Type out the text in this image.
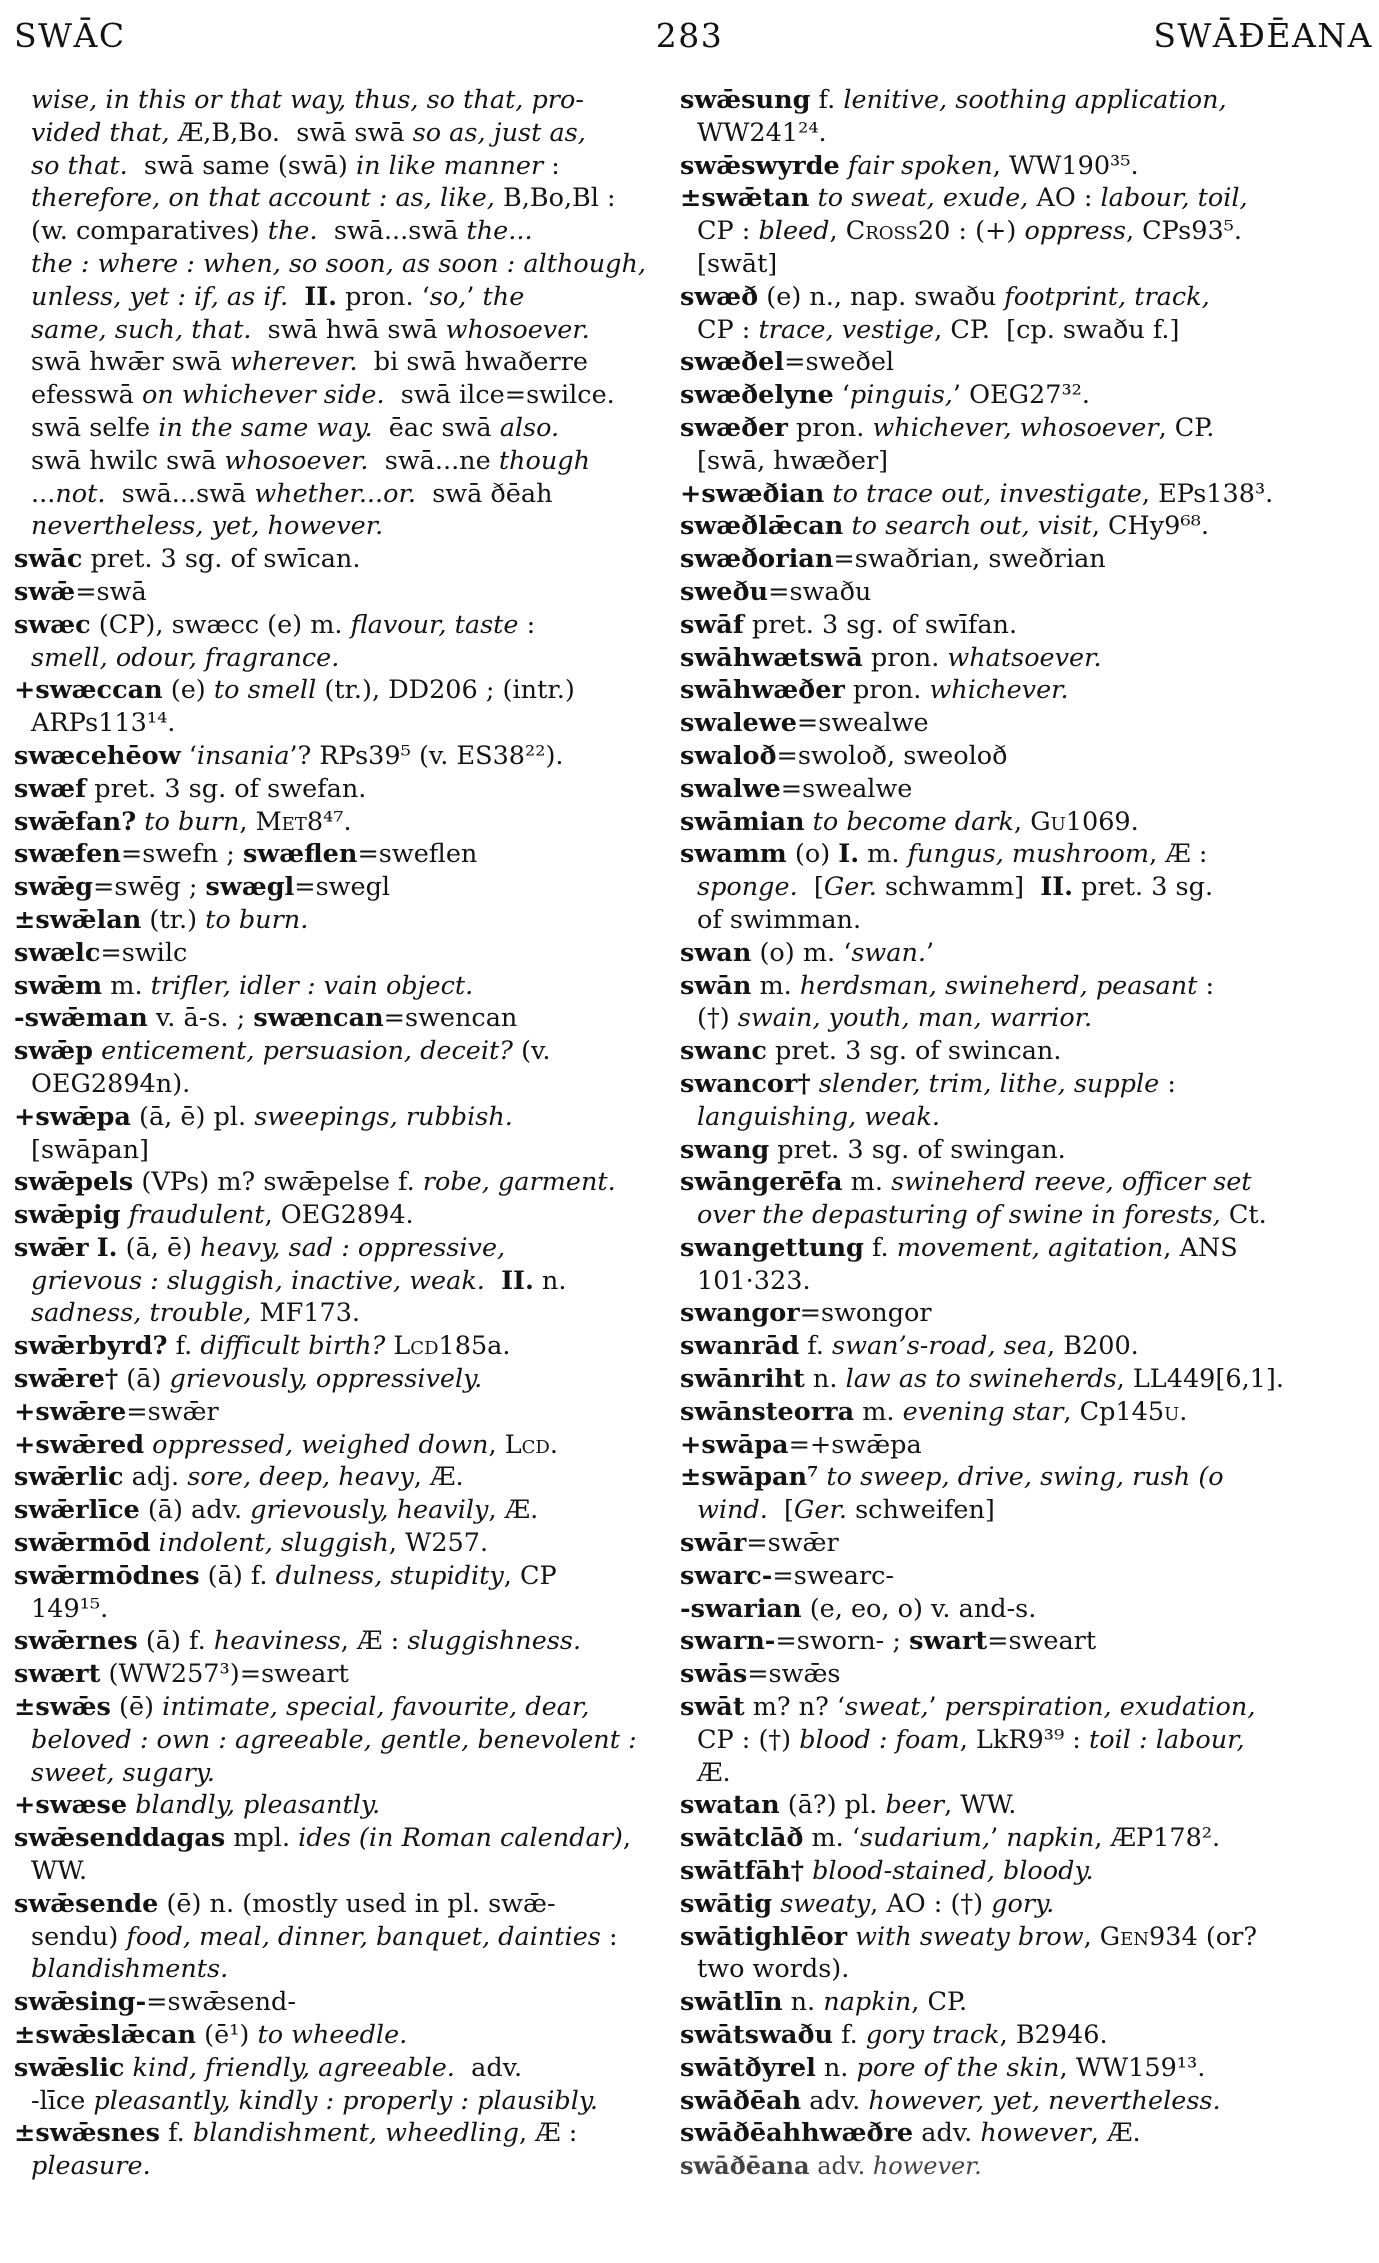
SWĀC	283	SWĀÐĒANA
wise, in this or that way, thus, so that, pro-
vided that, Æ,B,Bo.  swā swā so as, just as,
so that.  swā same (swā) in like manner :
therefore, on that account : as, like, B,Bo,Bl :
(w. comparatives) the.  swā...swā the...
the : where : when, so soon, as soon : although,
unless, yet : if, as if.  II. pron. ‘so,’ the
same, such, that.  swā hwā swā whosoever.
swā hwǣr swā wherever.  bi swā hwaðerre
efesswā on whichever side.  swā ilce=swilce.
swā selfe in the same way.  ēac swā also.
swā hwilc swā whosoever.  swā...ne though
...not.  swā...swā whether...or.  swā ðēah
nevertheless, yet, however.
swāc pret. 3 sg. of swīcan.
swǣ=swā
swæc (CP), swæcc (e) m. flavour, taste :
smell, odour, fragrance.
+swæccan (e) to smell (tr.), DD206 ; (intr.)
ARPs113¹⁴.
swæcehēow ‘insania’? RPs39⁵ (v. ES38²²).
swæf pret. 3 sg. of swefan.
swǣfan? to burn, Met8⁴⁷.
swæfen=swefn ; swæflen=sweflen
swǣg=swēg ; swægl=swegl
±swǣlan (tr.) to burn.
swælc=swilc
swǣm m. trifler, idler : vain object.
-swǣman v. ā-s. ; swæncan=swencan
swǣp enticement, persuasion, deceit? (v.
OEG2894n).
+swǣpa (ā, ē) pl. sweepings, rubbish.
[swāpan]
swǣpels (VPs) m? swǣpelse f. robe, garment.
swǣpig fraudulent, OEG2894.
swǣr I. (ā, ē) heavy, sad : oppressive,
grievous : sluggish, inactive, weak.  II. n.
sadness, trouble, MF173.
swǣrbyrd? f. difficult birth? Lcd185a.
swǣre† (ā) grievously, oppressively.
+swǣre=swǣr
+swǣred oppressed, weighed down, Lcd.
swǣrlic adj. sore, deep, heavy, Æ.
swǣrlīce (ā) adv. grievously, heavily, Æ.
swǣrmōd indolent, sluggish, W257.
swǣrmōdnes (ā) f. dulness, stupidity, CP
149¹⁵.
swǣrnes (ā) f. heaviness, Æ : sluggishness.
swært (WW257³)=sweart
±swǣs (ē) intimate, special, favourite, dear,
beloved : own : agreeable, gentle, benevolent :
sweet, sugary.
+swæse blandly, pleasantly.
swǣsenddagas mpl. ides (in Roman calendar),
WW.
swǣsende (ē) n. (mostly used in pl. swǣ-
sendu) food, meal, dinner, banquet, dainties :
blandishments.
swǣsing-=swǣsend-
±swǣslǣcan (ē¹) to wheedle.
swǣslic kind, friendly, agreeable.  adv.
-līce pleasantly, kindly : properly : plausibly.
±swǣsnes f. blandishment, wheedling, Æ :
pleasure.
swǣsung f. lenitive, soothing application,
WW241²⁴.
swǣswyrde fair spoken, WW190³⁵.
±swǣtan to sweat, exude, AO : labour, toil,
CP : bleed, Cross20 : (+) oppress, CPs93⁵.
[swāt]
swæð (e) n., nap. swaðu footprint, track,
CP : trace, vestige, CP.  [cp. swaðu f.]
swæðel=sweðel
swæðelyne ‘pinguis,’ OEG27³².
swæðer pron. whichever, whosoever, CP.
[swā, hwæðer]
+swæðian to trace out, investigate, EPs138³.
swæðlǣcan to search out, visit, CHy9⁶⁸.
swæðorian=swaðrian, sweðrian
sweðu=swaðu
swāf pret. 3 sg. of swīfan.
swāhwætswā pron. whatsoever.
swāhwæðer pron. whichever.
swalewe=swealwe
swaloð=swoloð, sweoloð
swalwe=swealwe
swāmian to become dark, Gu1069.
swamm (o) I. m. fungus, mushroom, Æ :
sponge.  [Ger. schwamm]  II. pret. 3 sg.
of swimman.
swan (o) m. ‘swan.’
swān m. herdsman, swineherd, peasant :
(†) swain, youth, man, warrior.
swanc pret. 3 sg. of swincan.
swancor† slender, trim, lithe, supple :
languishing, weak.
swang pret. 3 sg. of swingan.
swāngerēfa m. swineherd reeve, officer set
over the depasturing of swine in forests, Ct.
swangettung f. movement, agitation, ANS
101·323.
swangor=swongor
swanrād f. swan’s-road, sea, B200.
swānriht n. law as to swineherds, LL449[6,1].
swānsteorra m. evening star, Cp145u.
+swāpa=+swǣpa
±swāpan⁷ to sweep, drive, swing, rush (o
wind.  [Ger. schweifen]
swār=swǣr
swarc-=swearc-
-swarian (e, eo, o) v. and-s.
swarn-=sworn- ; swart=sweart
swās=swǣs
swāt m? n? ‘sweat,’ perspiration, exudation,
CP : (†) blood : foam, LkR9³⁹ : toil : labour,
Æ.
swatan (ā?) pl. beer, WW.
swātclāð m. ‘sudarium,’ napkin, ÆP178².
swātfāh† blood-stained, bloody.
swātig sweaty, AO : (†) gory.
swātighlēor with sweaty brow, Gen934 (or?
two words).
swātlīn n. napkin, CP.
swātswaðu f. gory track, B2946.
swātðyrel n. pore of the skin, WW159¹³.
swāðēah adv. however, yet, nevertheless.
swāðēahhwæðre adv. however, Æ.
swāðēana adv. however.
